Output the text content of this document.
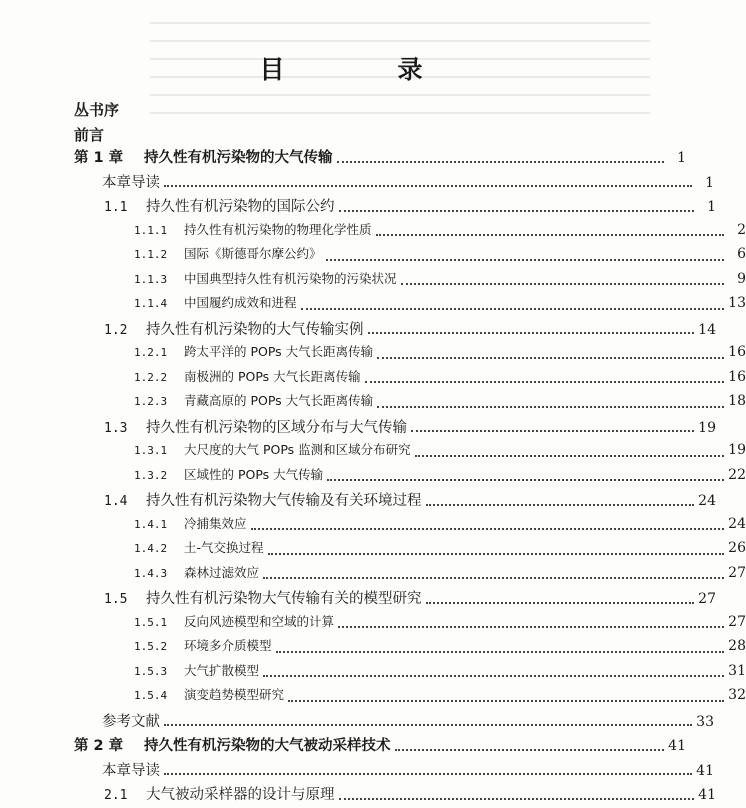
目　录
丛书序
前言
第 1 章	持久性有机污染物的大气传输	1
本章导读	1
1.1	持久性有机污染物的国际公约	1
1.1.1	持久性有机污染物的物理化学性质	2
1.1.2	国际《斯德哥尔摩公约》	6
1.1.3	中国典型持久性有机污染物的污染状况	9
1.1.4	中国履约成效和进程	13
1.2	持久性有机污染物的大气传输实例	14
1.2.1	跨太平洋的 POPs 大气长距离传输	16
1.2.2	南极洲的 POPs 大气长距离传输	16
1.2.3	青藏高原的 POPs 大气长距离传输	18
1.3	持久性有机污染物的区域分布与大气传输	19
1.3.1	大尺度的大气 POPs 监测和区域分布研究	19
1.3.2	区域性的 POPs 大气传输	22
1.4	持久性有机污染物大气传输及有关环境过程	24
1.4.1	冷捕集效应	24
1.4.2	土-气交换过程	26
1.4.3	森林过滤效应	27
1.5	持久性有机污染物大气传输有关的模型研究	27
1.5.1	反向风迹模型和空域的计算	27
1.5.2	环境多介质模型	28
1.5.3	大气扩散模型	31
1.5.4	演变趋势模型研究	32
参考文献	33
第 2 章	持久性有机污染物的大气被动采样技术	41
本章导读	41
2.1	大气被动采样器的设计与原理	41
